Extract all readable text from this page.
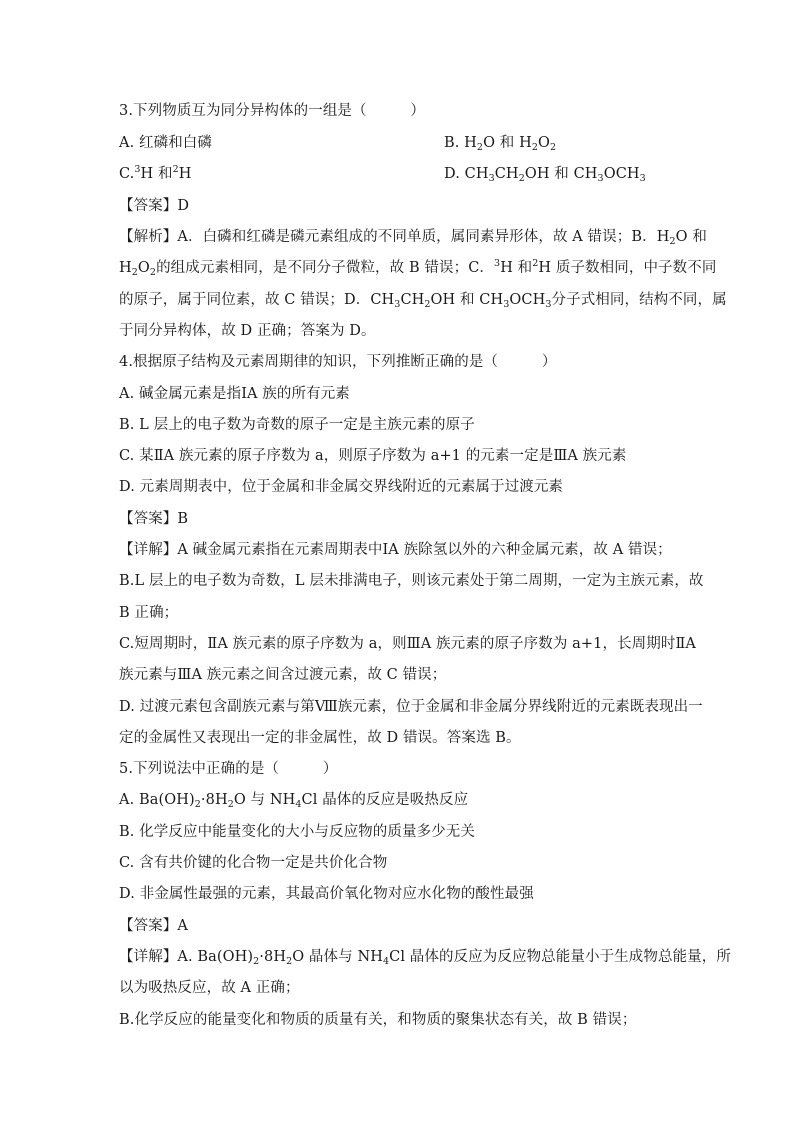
3.下列物质互为同分异构体的一组是（　　　）
A. 红磷和白磷	B. $H_2O$ 和 $H_2O_2$
C.$^3$H 和$^2$H	D. $CH_3CH_2OH$ 和 $CH_3OCH_3$
【答案】D
【解析】A．白磷和红磷是磷元素组成的不同单质，属同素异形体，故 A 错误；B．$H_2O$ 和
$H_2O_2$的组成元素相同，是不同分子微粒，故 B 错误；C．$^3$H 和$^2$H 质子数相同，中子数不同
的原子，属于同位素，故 C 错误；D．$CH_3CH_2OH$ 和 $CH_3OCH_3$分子式相同，结构不同，属
于同分异构体，故 D 正确；答案为 D。
4.根据原子结构及元素周期律的知识，下列推断正确的是（　　　）
A. 碱金属元素是指ⅠA 族的所有元素
B. L 层上的电子数为奇数的原子一定是主族元素的原子
C. 某ⅡA 族元素的原子序数为 a，则原子序数为 a+1 的元素一定是ⅢA 族元素
D. 元素周期表中，位于金属和非金属交界线附近的元素属于过渡元素
【答案】B
【详解】A 碱金属元素指在元素周期表中ⅠA 族除氢以外的六种金属元素，故 A 错误；
B.L 层上的电子数为奇数，L 层未排满电子，则该元素处于第二周期，一定为主族元素，故
B 正确；
C.短周期时，ⅡA 族元素的原子序数为 a，则ⅢA 族元素的原子序数为 a+1，长周期时ⅡA
族元素与ⅢA 族元素之间含过渡元素，故 C 错误；
D. 过渡元素包含副族元素与第Ⅷ族元素，位于金属和非金属分界线附近的元素既表现出一
定的金属性又表现出一定的非金属性，故 D 错误。答案选 B。
5.下列说法中正确的是（　　　）
A. $Ba(OH)_2\cdot 8H_2O$ 与 $NH_4Cl$ 晶体的反应是吸热反应
B. 化学反应中能量变化的大小与反应物的质量多少无关
C. 含有共价键的化合物一定是共价化合物
D. 非金属性最强的元素，其最高价氧化物对应水化物的酸性最强
【答案】A
【详解】A. $Ba(OH)_2\cdot 8H_2O$ 晶体与 $NH_4Cl$ 晶体的反应为反应物总能量小于生成物总能量，所
以为吸热反应，故 A 正确；
B.化学反应的能量变化和物质的质量有关，和物质的聚集状态有关，故 B 错误；
